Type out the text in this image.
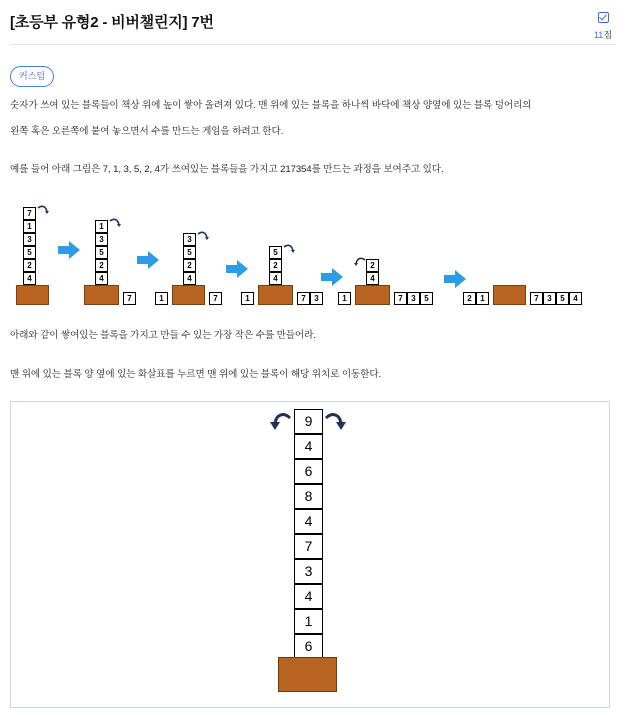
[초등부 유형2 - 비버챌린지] 7번
11점
커스텀
숫자가 쓰여 있는 블록들이 책상 위에 높이 쌓아 올려져 있다. 맨 위에 있는 블록을 하나씩 바닥에 책상 양옆에 있는 블록 덩어리의
왼쪽 혹은 오른쪽에 붙여 놓으면서 수를 만드는 게임을 하려고 한다.
예를 들어 아래 그림은 7, 1, 3, 5, 2, 4가 쓰여있는 블록들을 가지고 217354를 만드는 과정을 보여주고 있다.
7
1
3
5
2
4
1
3
5
2
4
7
3
5
2
4
1	7
5
2
4
1	7	3
2
4
1	7	3	5	2	1	7	3	5	4
아래와 같이 쌓여있는 블록을 가지고 만들 수 있는 가장 작은 수를 만들어라.
맨 위에 있는 블록 양 옆에 있는 화살표를 누르면 맨 위에 있는 블록이 해당 위치로 이동한다.
9
4
6
8
4
7
3
4
1
6
